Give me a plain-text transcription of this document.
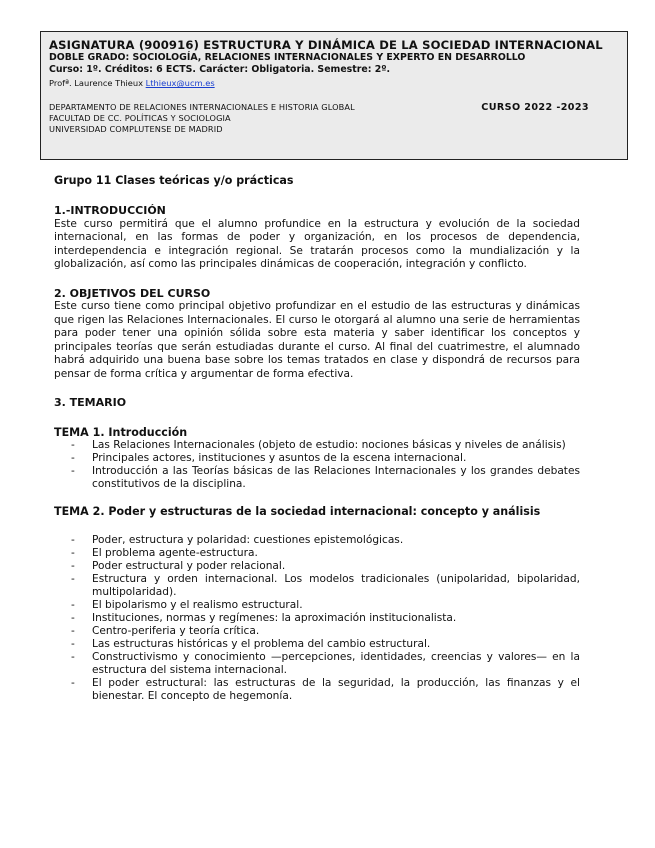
ASIGNATURA (900916) ESTRUCTURA Y DINÁMICA DE LA SOCIEDAD INTERNACIONAL
DOBLE GRADO: SOCIOLOGÍA, RELACIONES INTERNACIONALES Y EXPERTO EN DESARROLLO
Curso: 1º. Créditos: 6 ECTS. Carácter: Obligatoria. Semestre: 2º.
Profª. Laurence Thieux Lthieux@ucm.es
DEPARTAMENTO DE RELACIONES INTERNACIONALES E HISTORIA GLOBAL	CURSO 2022 -2023
FACULTAD DE CC. POLÍTICAS Y SOCIOLOGIA
UNIVERSIDAD COMPLUTENSE DE MADRID
Grupo 11 Clases teóricas y/o prácticas
1.-INTRODUCCIÓN

Este curso permitirá que el alumno profundice en la estructura y evolución de la sociedad internacional, en las formas de poder y organización, en los procesos de dependencia, interdependencia e integración regional. Se tratarán procesos como la mundialización y la globalización, así como las principales dinámicas de cooperación, integración y conflicto.

2. OBJETIVOS DEL CURSO

Este curso tiene como principal objetivo profundizar en el estudio de las estructuras y dinámicas que rigen las Relaciones Internacionales. El curso le otorgará al alumno una serie de herramientas para poder tener una opinión sólida sobre esta materia y saber identificar los conceptos y principales teorías que serán estudiadas durante el curso. Al final del cuatrimestre, el alumnado habrá adquirido una buena base sobre los temas tratados en clase y dispondrá de recursos para pensar de forma crítica y argumentar de forma efectiva.

3. TEMARIO
TEMA 1. Introducción
- Las Relaciones Internacionales (objeto de estudio: nociones básicas y niveles de análisis)
- Principales actores, instituciones y asuntos de la escena internacional.
- Introducción a las Teorías básicas de las Relaciones Internacionales y los grandes debates constitutivos de la disciplina.
TEMA 2. Poder y estructuras de la sociedad internacional: concepto y análisis
- Poder, estructura y polaridad: cuestiones epistemológicas.
- El problema agente-estructura.
- Poder estructural y poder relacional.
- Estructura y orden internacional. Los modelos tradicionales (unipolaridad, bipolaridad, multipolaridad).
- El bipolarismo y el realismo estructural.
- Instituciones, normas y regímenes: la aproximación institucionalista.
- Centro-periferia y teoría crítica.
- Las estructuras históricas y el problema del cambio estructural.
- Constructivismo y conocimiento —percepciones, identidades, creencias y valores— en la estructura del sistema internacional.
- El poder estructural: las estructuras de la seguridad, la producción, las finanzas y el bienestar. El concepto de hegemonía.
